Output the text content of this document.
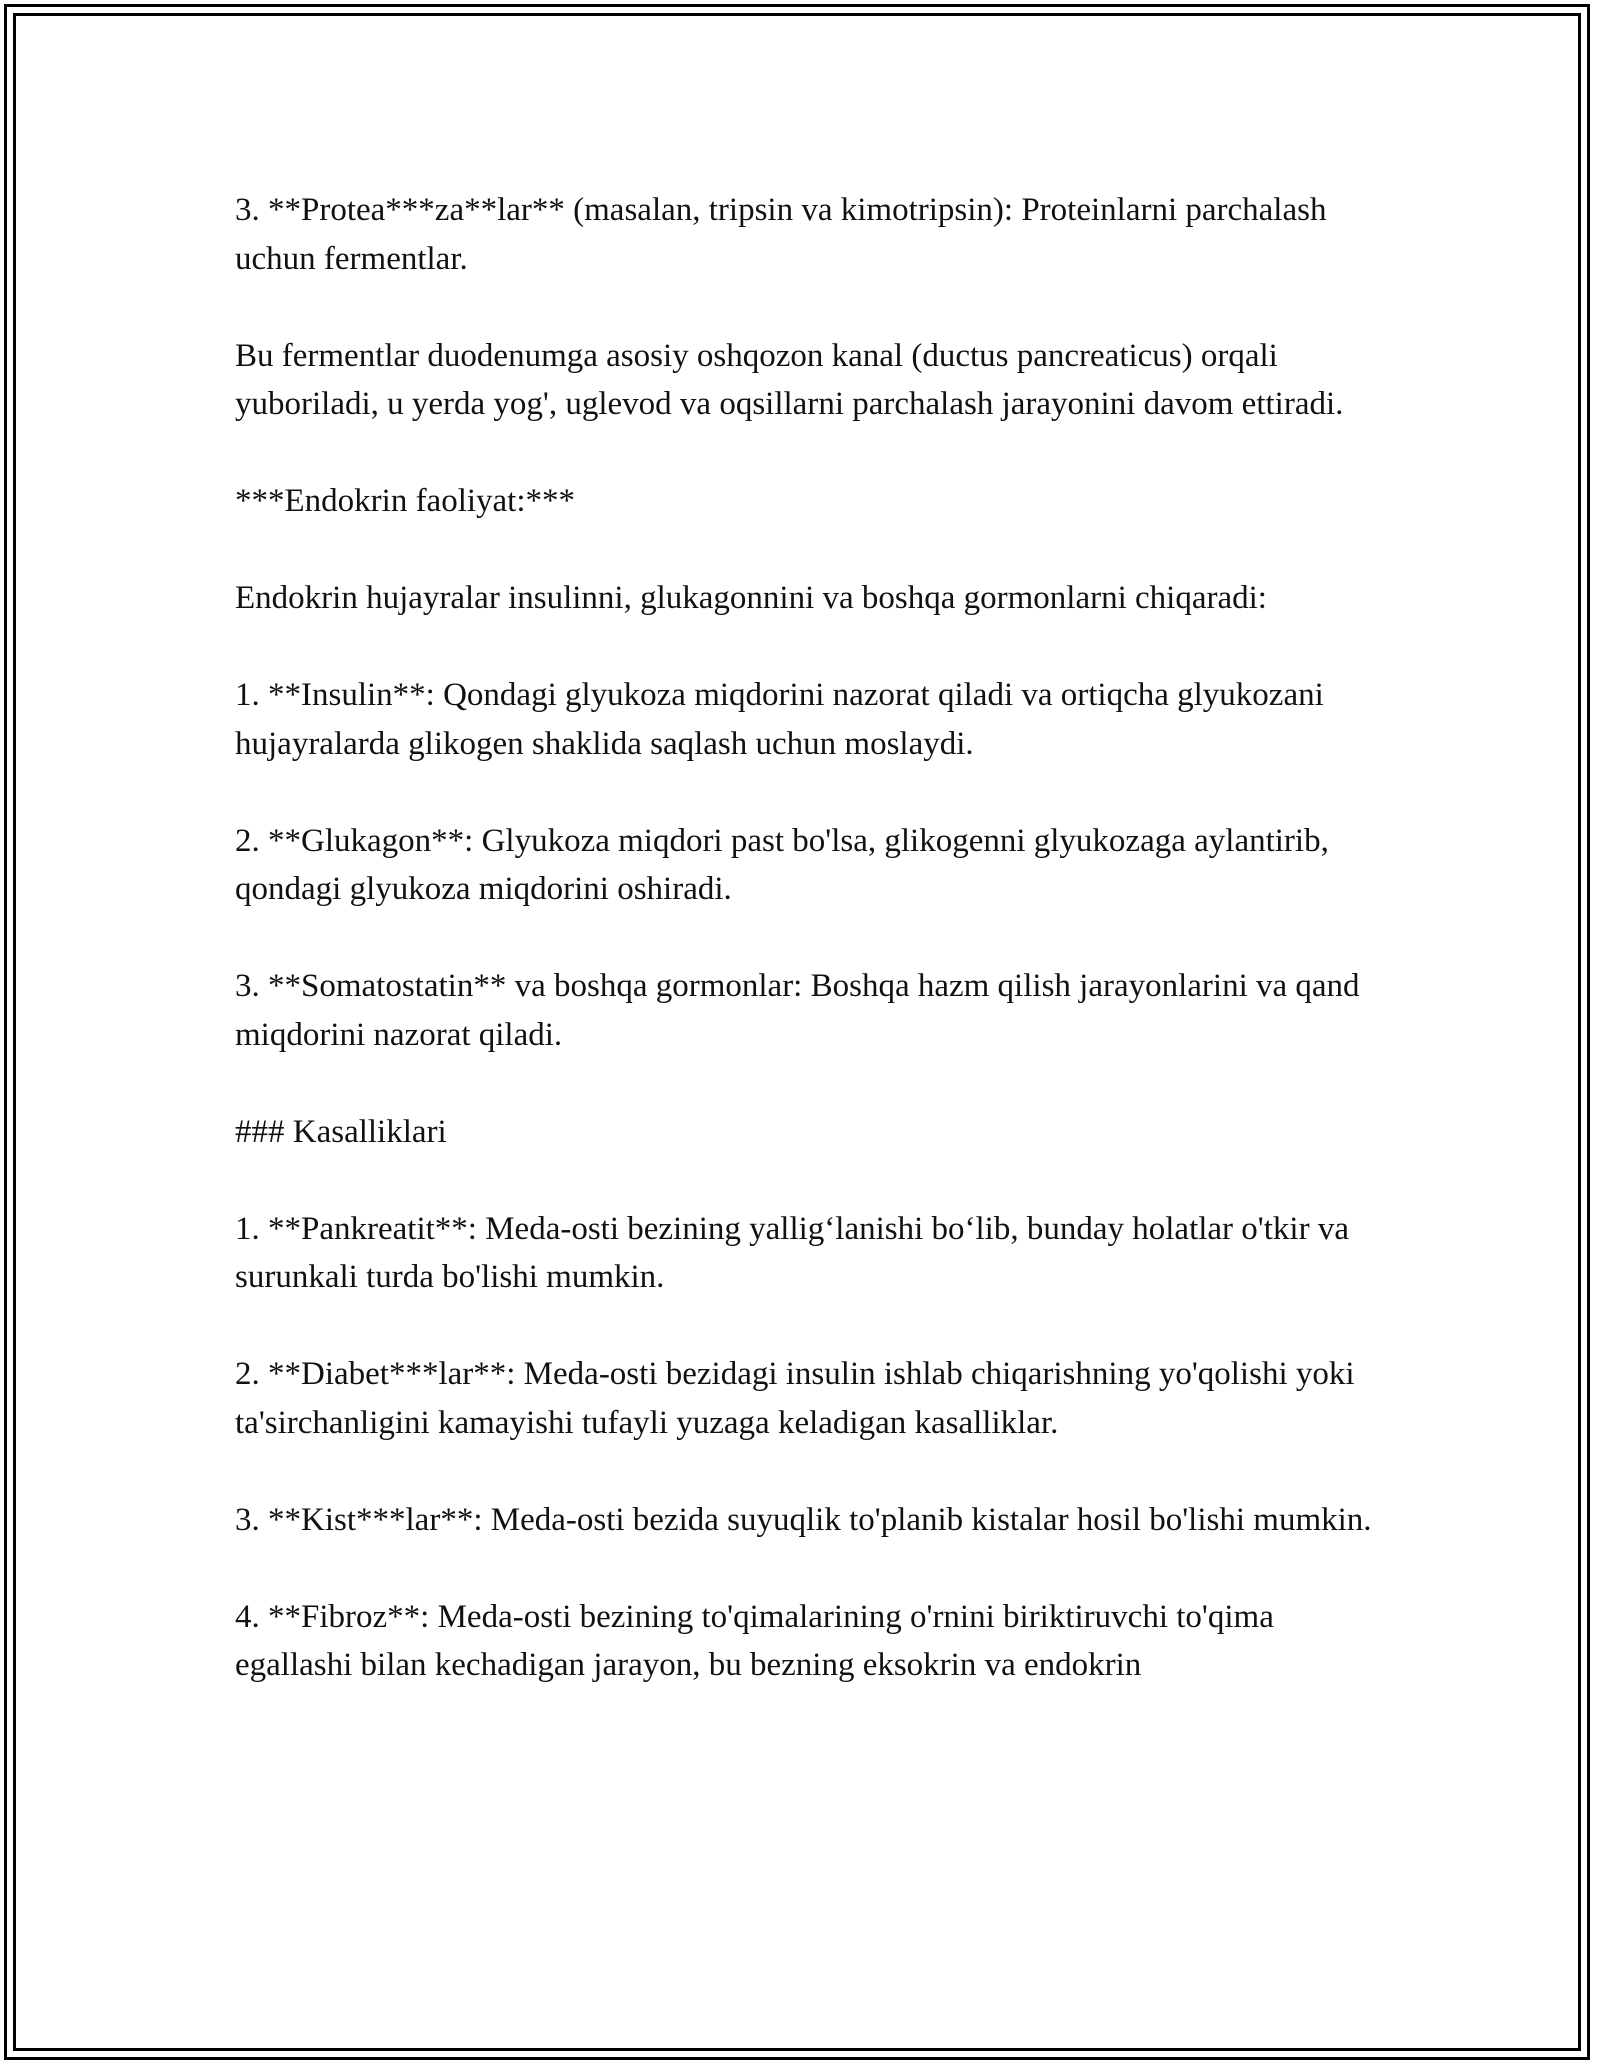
3. **Protea***za**lar** (masalan, tripsin va kimotripsin): Proteinlarni parchalash uchun fermentlar.

Bu fermentlar duodenumga asosiy oshqozon kanal (ductus pancreaticus) orqali yuboriladi, u yerda yog', uglevod va oqsillarni parchalash jarayonini davom ettiradi.

***Endokrin faoliyat:***

Endokrin hujayralar insulinni, glukagonnini va boshqa gormonlarni chiqaradi:

1. **Insulin**: Qondagi glyukoza miqdorini nazorat qiladi va ortiqcha glyukozani hujayralarda glikogen shaklida saqlash uchun moslaydi.

2. **Glukagon**: Glyukoza miqdori past bo'lsa, glikogenni glyukozaga aylantirib, qondagi glyukoza miqdorini oshiradi.

3. **Somatostatin** va boshqa gormonlar: Boshqa hazm qilish jarayonlarini va qand miqdorini nazorat qiladi.

### Kasalliklari

1. **Pankreatit**: Meda-osti bezining yallig‘lanishi bo‘lib, bunday holatlar o'tkir va surunkali turda bo'lishi mumkin.

2. **Diabet***lar**: Meda-osti bezidagi insulin ishlab chiqarishning yo'qolishi yoki ta'sirchanligini kamayishi tufayli yuzaga keladigan kasalliklar.

3. **Kist***lar**: Meda-osti bezida suyuqlik to'planib kistalar hosil bo'lishi mumkin.

4. **Fibroz**: Meda-osti bezining to'qimalarining o'rnini biriktiruvchi to'qima egallashi bilan kechadigan jarayon, bu bezning eksokrin va endokrin
